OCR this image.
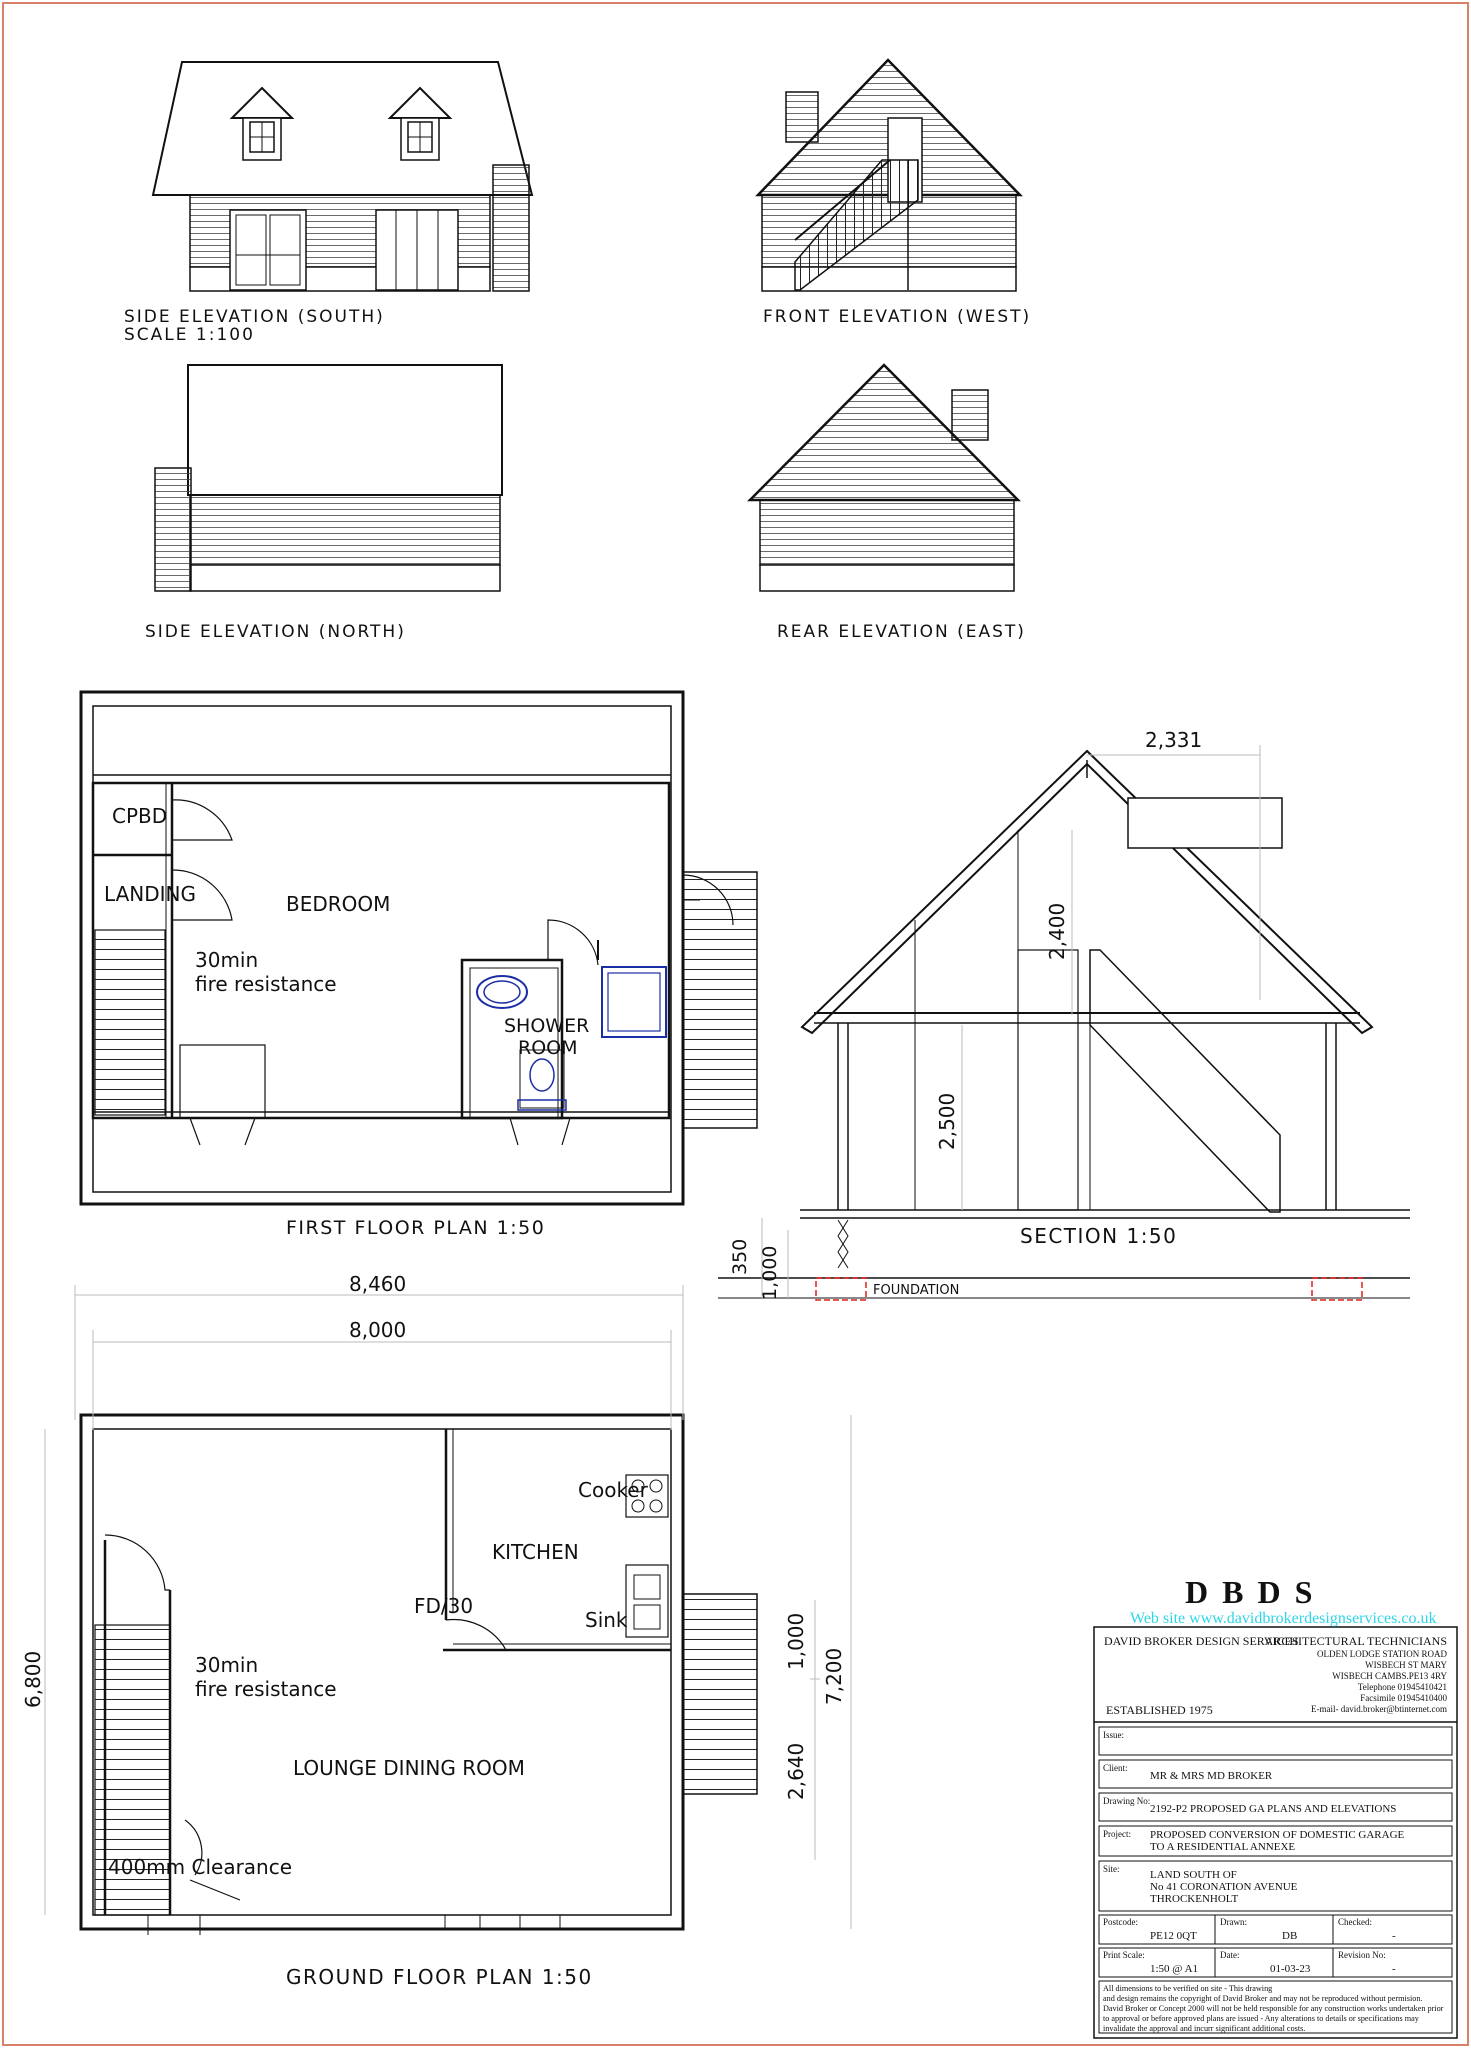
SIDE ELEVATION (SOUTH)
SCALE 1:100
FRONT ELEVATION (WEST)
SIDE ELEVATION (NORTH)	REAR ELEVATION (EAST)
CPBD
LANDING	BEDROOM
30min
fire resistance
SHOWER
ROOM
FIRST FLOOR PLAN 1:50
2,331
2,400
2,500
350 1,000
SECTION 1:50
FOUNDATION
8,460
8,000
6,800	7,200
1,000
2,640
Cooker
KITCHEN
FD/30
Sink
30min
fire resistance
LOUNGE DINING ROOM
400mm Clearance
GROUND FLOOR PLAN 1:50
DBDS
Web site www.davidbrokerdesignservices.co.uk
DAVID BROKER DESIGN SERVICES
ARCHITECTURAL TECHNICIANS
OLDEN LODGE STATION ROAD
WISBECH ST MARY
WISBECH CAMBS.PE13 4RY
Telephone 01945410421
Facsimile 01945410400
E-mail- david.broker@btinternet.com
ESTABLISHED 1975
Issue:
Client:
MR & MRS MD BROKER
Drawing No:
2192-P2 PROPOSED GA PLANS AND ELEVATIONS
Project: PROPOSED CONVERSION OF DOMESTIC GARAGE
TO A RESIDENTIAL ANNEXE
Site:	LAND SOUTH OF
No 41 CORONATION AVENUE
THROCKENHOLT
Postcode:
PE12 0QT
Drawn:
DB
Checked:
-
Print Scale:
1:50 @ A1
Date:
01-03-23
Revision No:
-
All dimensions to be verified on site - This drawing
and design remains the copyright of David Broker and may not be reproduced without permision.
David Broker or Concept 2000 will not be held responsible for any construction works undertaken prior
to approval or before approved plans are issued - Any alterations to details or specifications may
invalidate the approval and incurr significant additional costs.
